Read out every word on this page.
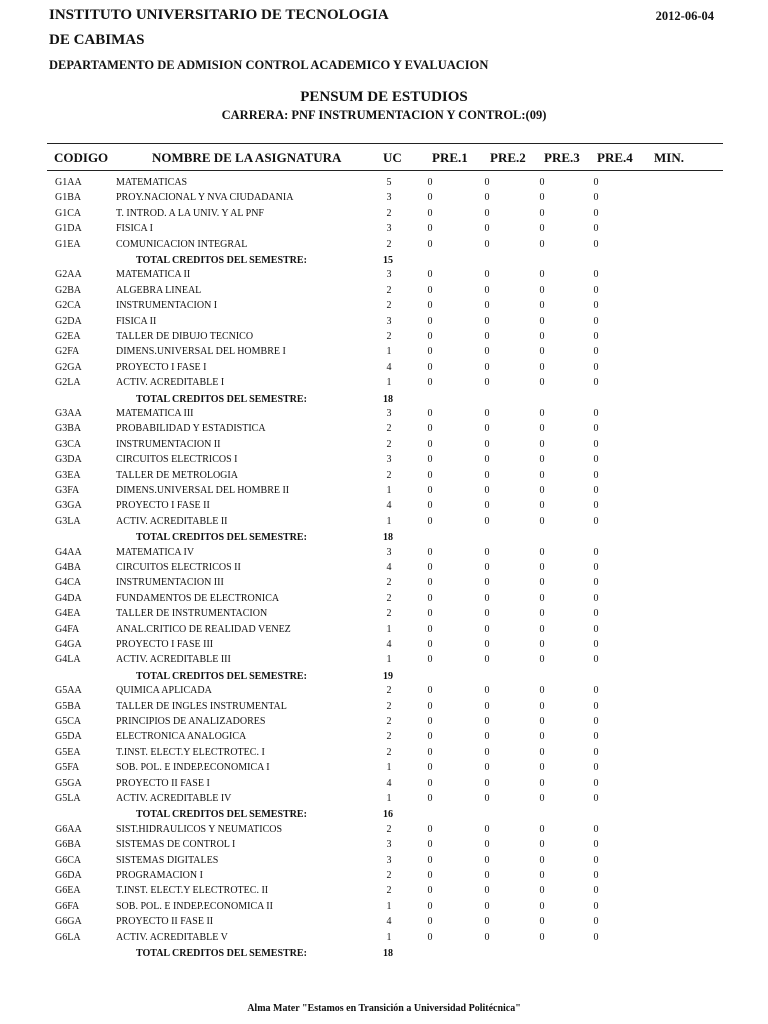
INSTITUTO UNIVERSITARIO DE TECNOLOGIA
DE CABIMAS
DEPARTAMENTO DE ADMISION CONTROL ACADEMICO Y EVALUACION
2012-06-04
PENSUM DE ESTUDIOS
CARRERA: PNF INSTRUMENTACION Y CONTROL:(09)
CODIGO	NOMBRE DE LA ASIGNATURA	UC PRE.1 PRE.2 PRE.3 PRE.4 MIN.
G1AA	MATEMATICAS	5	0	0	0	0
G1BA	PROY.NACIONAL Y NVA CIUDADANIA	3	0	0	0	0
G1CA	T. INTROD. A LA UNIV. Y AL PNF	2	0	0	0	0
G1DA	FISICA I	3	0	0	0	0
G1EA	COMUNICACION INTEGRAL	2	0	0	0	0
TOTAL CREDITOS DEL SEMESTRE:	15
G2AA	MATEMATICA II	3	0	0	0	0
G2BA	ALGEBRA LINEAL	2	0	0	0	0
G2CA	INSTRUMENTACION I	2	0	0	0	0
G2DA	FISICA II	3	0	0	0	0
G2EA	TALLER DE DIBUJO TECNICO	2	0	0	0	0
G2FA	DIMENS.UNIVERSAL DEL HOMBRE I	1	0	0	0	0
G2GA	PROYECTO I FASE I	4	0	0	0	0
G2LA	ACTIV. ACREDITABLE I	1	0	0	0	0
TOTAL CREDITOS DEL SEMESTRE:	18
G3AA	MATEMATICA III	3	0	0	0	0
G3BA	PROBABILIDAD Y ESTADISTICA	2	0	0	0	0
G3CA	INSTRUMENTACION II	2	0	0	0	0
G3DA	CIRCUITOS ELECTRICOS I	3	0	0	0	0
G3EA	TALLER DE METROLOGIA	2	0	0	0	0
G3FA	DIMENS.UNIVERSAL DEL HOMBRE II	1	0	0	0	0
G3GA	PROYECTO I FASE II	4	0	0	0	0
G3LA	ACTIV. ACREDITABLE II	1	0	0	0	0
TOTAL CREDITOS DEL SEMESTRE:	18
G4AA	MATEMATICA IV	3	0	0	0	0
G4BA	CIRCUITOS ELECTRICOS II	4	0	0	0	0
G4CA	INSTRUMENTACION III	2	0	0	0	0
G4DA	FUNDAMENTOS DE ELECTRONICA	2	0	0	0	0
G4EA	TALLER DE INSTRUMENTACION	2	0	0	0	0
G4FA	ANAL.CRITICO DE REALIDAD VENEZ	1	0	0	0	0
G4GA	PROYECTO I FASE III	4	0	0	0	0
G4LA	ACTIV. ACREDITABLE III	1	0	0	0	0
TOTAL CREDITOS DEL SEMESTRE:	19
G5AA	QUIMICA APLICADA	2	0	0	0	0
G5BA	TALLER DE INGLES INSTRUMENTAL	2	0	0	0	0
G5CA	PRINCIPIOS DE ANALIZADORES	2	0	0	0	0
G5DA	ELECTRONICA ANALOGICA	2	0	0	0	0
G5EA	T.INST. ELECT.Y ELECTROTEC. I	2	0	0	0	0
G5FA	SOB. POL. E INDEP.ECONOMICA I	1	0	0	0	0
G5GA	PROYECTO II FASE I	4	0	0	0	0
G5LA	ACTIV. ACREDITABLE IV	1	0	0	0	0
TOTAL CREDITOS DEL SEMESTRE:	16
G6AA	SIST.HIDRAULICOS Y NEUMATICOS	2	0	0	0	0
G6BA	SISTEMAS DE CONTROL I	3	0	0	0	0
G6CA	SISTEMAS DIGITALES	3	0	0	0	0
G6DA	PROGRAMACION I	2	0	0	0	0
G6EA	T.INST. ELECT.Y ELECTROTEC. II	2	0	0	0	0
G6FA	SOB. POL. E INDEP.ECONOMICA II	1	0	0	0	0
G6GA	PROYECTO II FASE II	4	0	0	0	0
G6LA	ACTIV. ACREDITABLE V	1	0	0	0	0
TOTAL CREDITOS DEL SEMESTRE:	18
Alma Mater "Estamos en Transición a Universidad Politécnica"
